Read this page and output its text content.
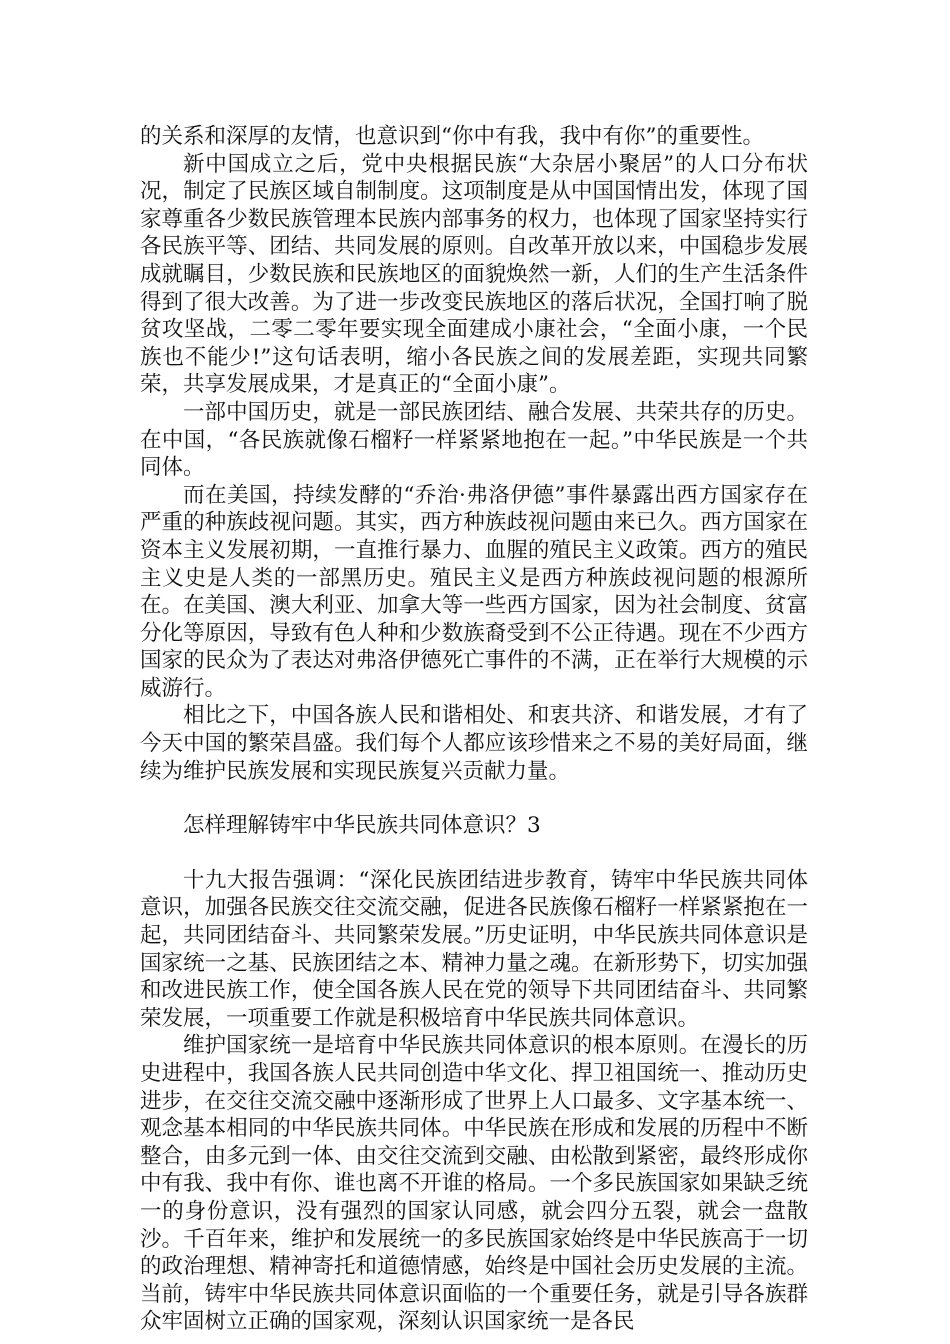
的关系和深厚的友情，也意识到“你中有我，我中有你”的重要性。

新中国成立之后，党中央根据民族“大杂居小聚居”的人口分布状况，制定了民族区域自制制度。这项制度是从中国国情出发，体现了国家尊重各少数民族管理本民族内部事务的权力，也体现了国家坚持实行各民族平等、团结、共同发展的原则。自改革开放以来，中国稳步发展成就瞩目，少数民族和民族地区的面貌焕然一新，人们的生产生活条件得到了很大改善。为了进一步改变民族地区的落后状况，全国打响了脱贫攻坚战，二零二零年要实现全面建成小康社会，“全面小康，一个民族也不能少!”这句话表明，缩小各民族之间的发展差距，实现共同繁荣，共享发展成果，才是真正的“全面小康”。

一部中国历史，就是一部民族团结、融合发展、共荣共存的历史。在中国，“各民族就像石榴籽一样紧紧地抱在一起。”中华民族是一个共同体。

而在美国，持续发酵的“乔治·弗洛伊德”事件暴露出西方国家存在严重的种族歧视问题。其实，西方种族歧视问题由来已久。西方国家在资本主义发展初期，一直推行暴力、血腥的殖民主义政策。西方的殖民主义史是人类的一部黑历史。殖民主义是西方种族歧视问题的根源所在。在美国、澳大利亚、加拿大等一些西方国家，因为社会制度、贫富分化等原因，导致有色人种和少数族裔受到不公正待遇。现在不少西方国家的民众为了表达对弗洛伊德死亡事件的不满，正在举行大规模的示威游行。

相比之下，中国各族人民和谐相处、和衷共济、和谐发展，才有了今天中国的繁荣昌盛。我们每个人都应该珍惜来之不易的美好局面，继续为维护民族发展和实现民族复兴贡献力量。

怎样理解铸牢中华民族共同体意识？3

十九大报告强调：“深化民族团结进步教育，铸牢中华民族共同体意识，加强各民族交往交流交融，促进各民族像石榴籽一样紧紧抱在一起，共同团结奋斗、共同繁荣发展。”历史证明，中华民族共同体意识是国家统一之基、民族团结之本、精神力量之魂。在新形势下，切实加强和改进民族工作，使全国各族人民在党的领导下共同团结奋斗、共同繁荣发展，一项重要工作就是积极培育中华民族共同体意识。

维护国家统一是培育中华民族共同体意识的根本原则。在漫长的历史进程中，我国各族人民共同创造中华文化、捍卫祖国统一、推动历史进步，在交往交流交融中逐渐形成了世界上人口最多、文字基本统一、观念基本相同的中华民族共同体。中华民族在形成和发展的历程中不断整合，由多元到一体、由交往交流到交融、由松散到紧密，最终形成你中有我、我中有你、谁也离不开谁的格局。一个多民族国家如果缺乏统一的身份意识，没有强烈的国家认同感，就会四分五裂，就会一盘散沙。千百年来，维护和发展统一的多民族国家始终是中华民族高于一切的政治理想、精神寄托和道德情感，始终是中国社会历史发展的主流。当前，铸牢中华民族共同体意识面临的一个重要任务，就是引导各族群众牢固树立正确的国家观，深刻认识国家统一是各民
